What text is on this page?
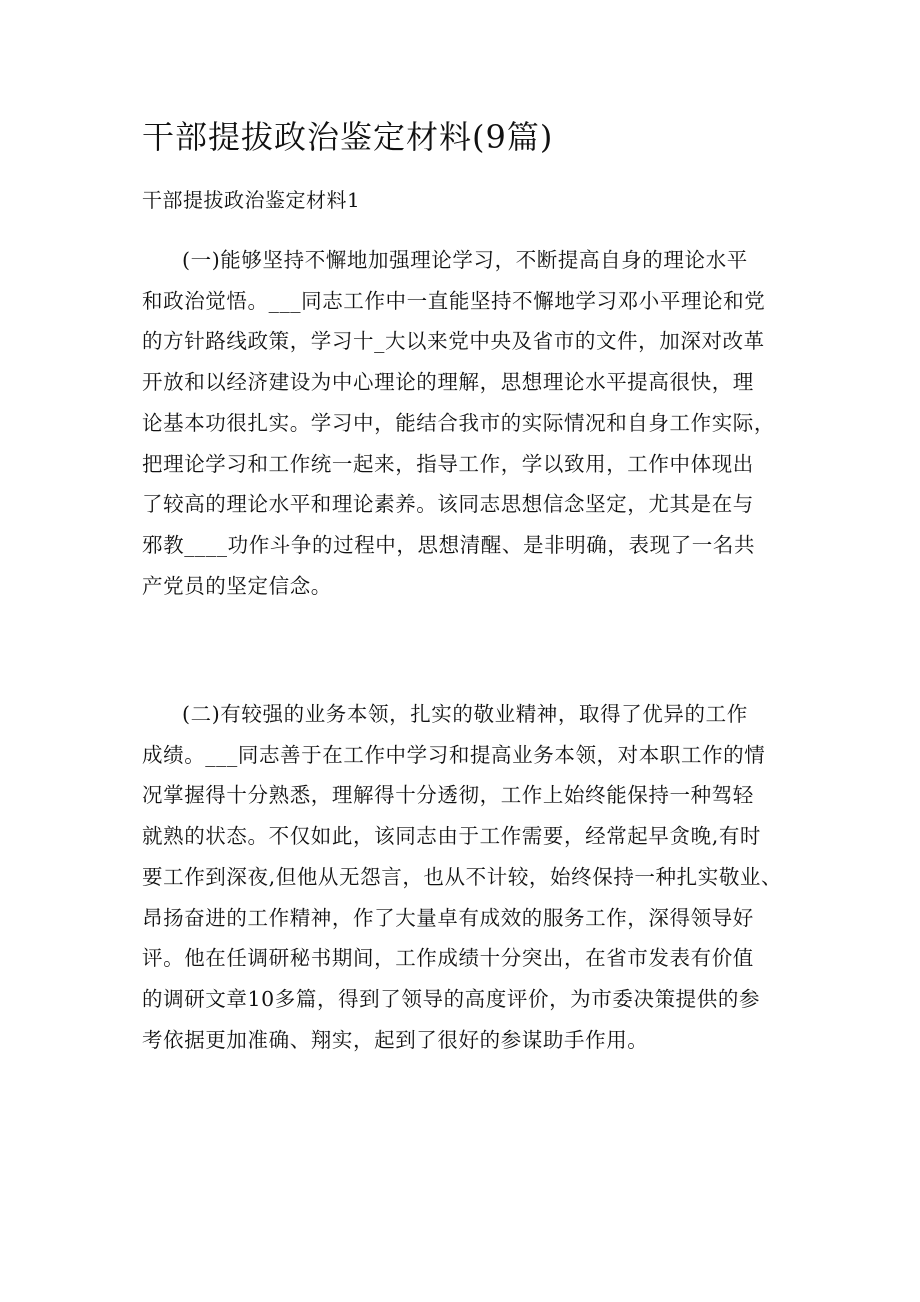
干部提拔政治鉴定材料(9篇)
干部提拔政治鉴定材料1
(一)能够坚持不懈地加强理论学习，不断提高自身的理论水平
和政治觉悟。___同志工作中一直能坚持不懈地学习邓小平理论和党
的方针路线政策，学习十_大以来党中央及省市的文件，加深对改革
开放和以经济建设为中心理论的理解，思想理论水平提高很快，理
论基本功很扎实。学习中，能结合我市的实际情况和自身工作实际，
把理论学习和工作统一起来，指导工作，学以致用，工作中体现出
了较高的理论水平和理论素养。该同志思想信念坚定，尤其是在与
邪教____功作斗争的过程中，思想清醒、是非明确，表现了一名共
产党员的坚定信念。
(二)有较强的业务本领，扎实的敬业精神，取得了优异的工作
成绩。___同志善于在工作中学习和提高业务本领，对本职工作的情
况掌握得十分熟悉，理解得十分透彻，工作上始终能保持一种驾轻
就熟的状态。不仅如此，该同志由于工作需要，经常起早贪晚,有时
要工作到深夜,但他从无怨言，也从不计较，始终保持一种扎实敬业、
昂扬奋进的工作精神，作了大量卓有成效的服务工作，深得领导好
评。他在任调研秘书期间，工作成绩十分突出，在省市发表有价值
的调研文章10多篇，得到了领导的高度评价，为市委决策提供的参
考依据更加准确、翔实，起到了很好的参谋助手作用。
